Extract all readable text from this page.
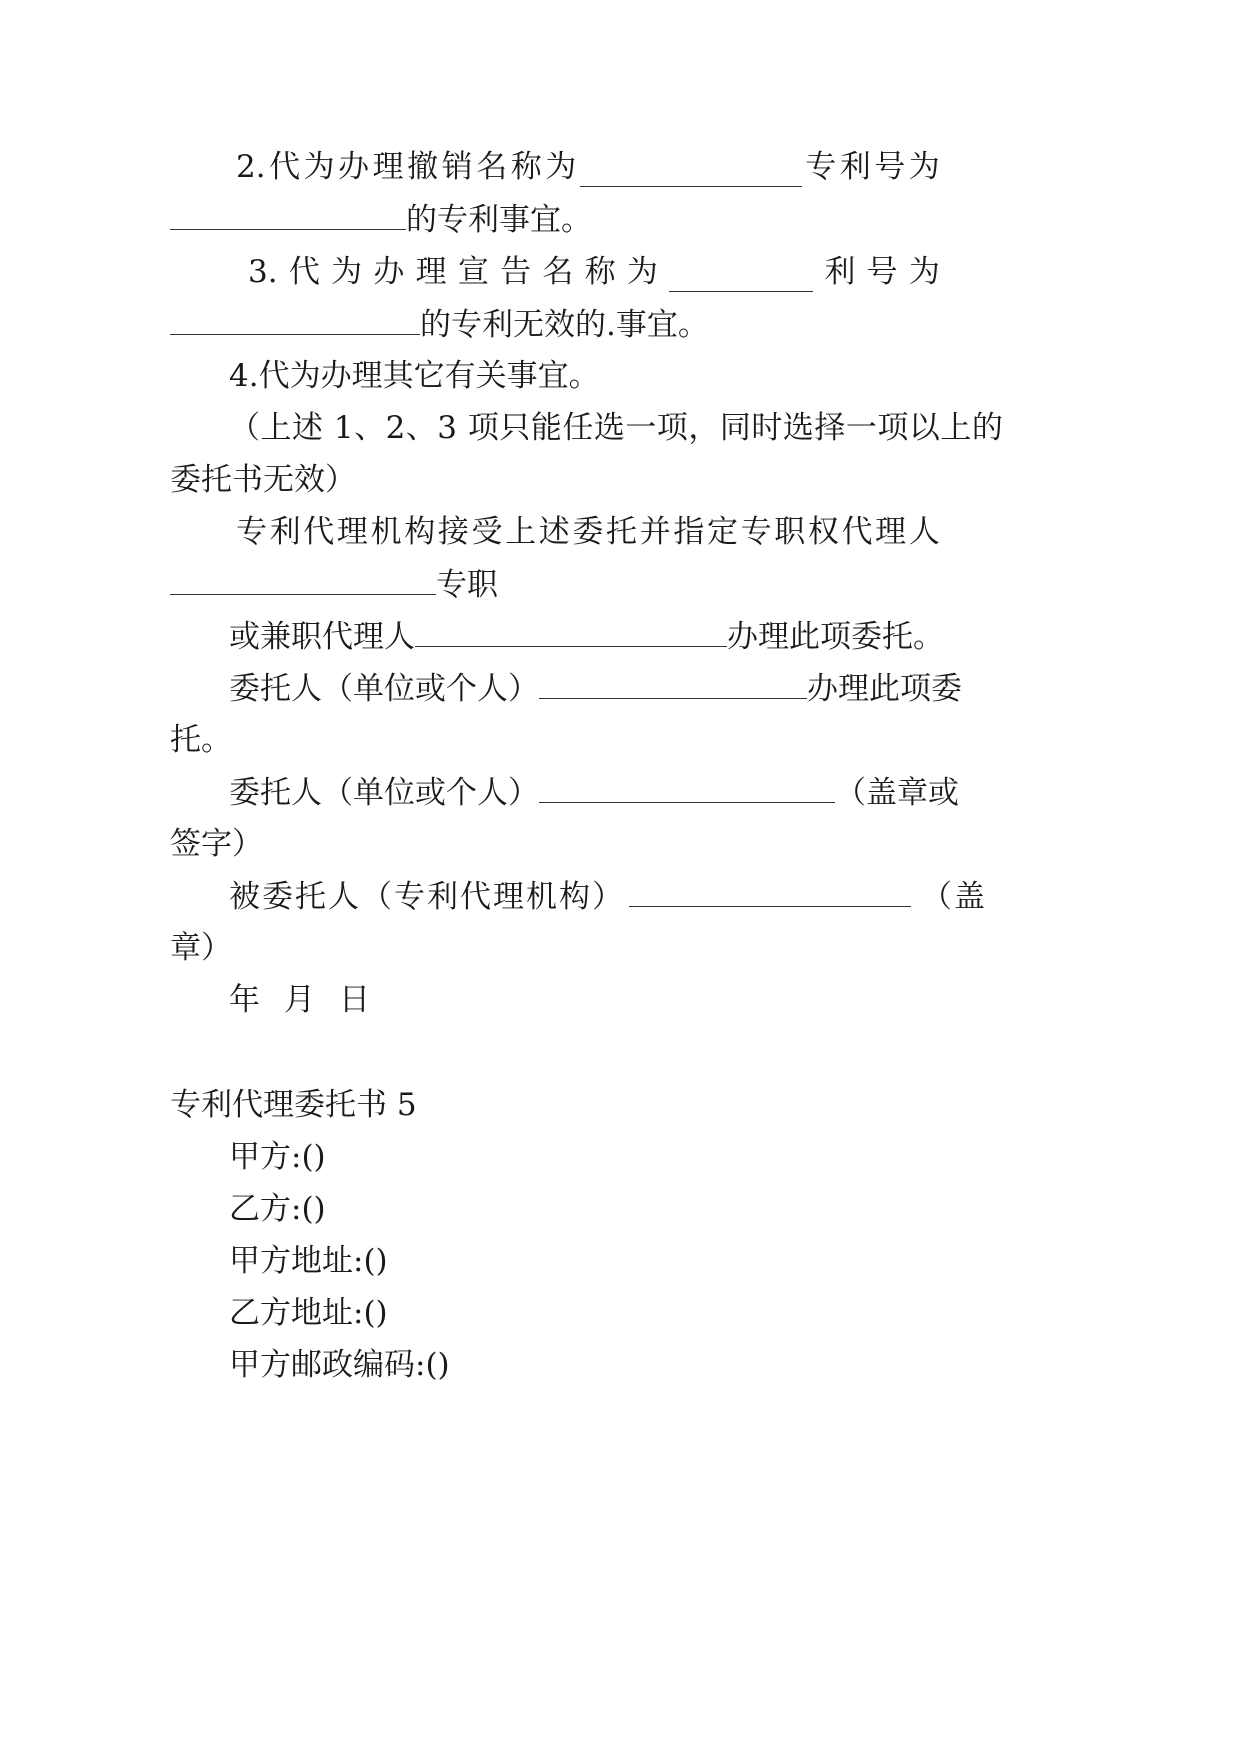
2. 代 为 办 理 撤 销 名 称 为	专 利 号 为
的专利事宜。
3. 代 为 办 理 宣 告 名 称 为	利 号 为
的专利无效的.事宜。
4.代为办理其它有关事宜。
（上述 1、2、3 项只能任选一项，同时选择一项以上的
委托书无效）
专 利 代 理 机 构 接 受 上 述 委 托 并 指 定 专 职 权 代 理 人
专职
或兼职代理人	办理此项委托。
委托人（单位或个人）	办理此项委
托。
委托人（单位或个人）	（盖章或
签字）
被委托人（专利代理机构）	（盖
章）
年 月 日
专利代理委托书 5
甲方:()
乙方:()
甲方地址:()
乙方地址:()
甲方邮政编码:()
